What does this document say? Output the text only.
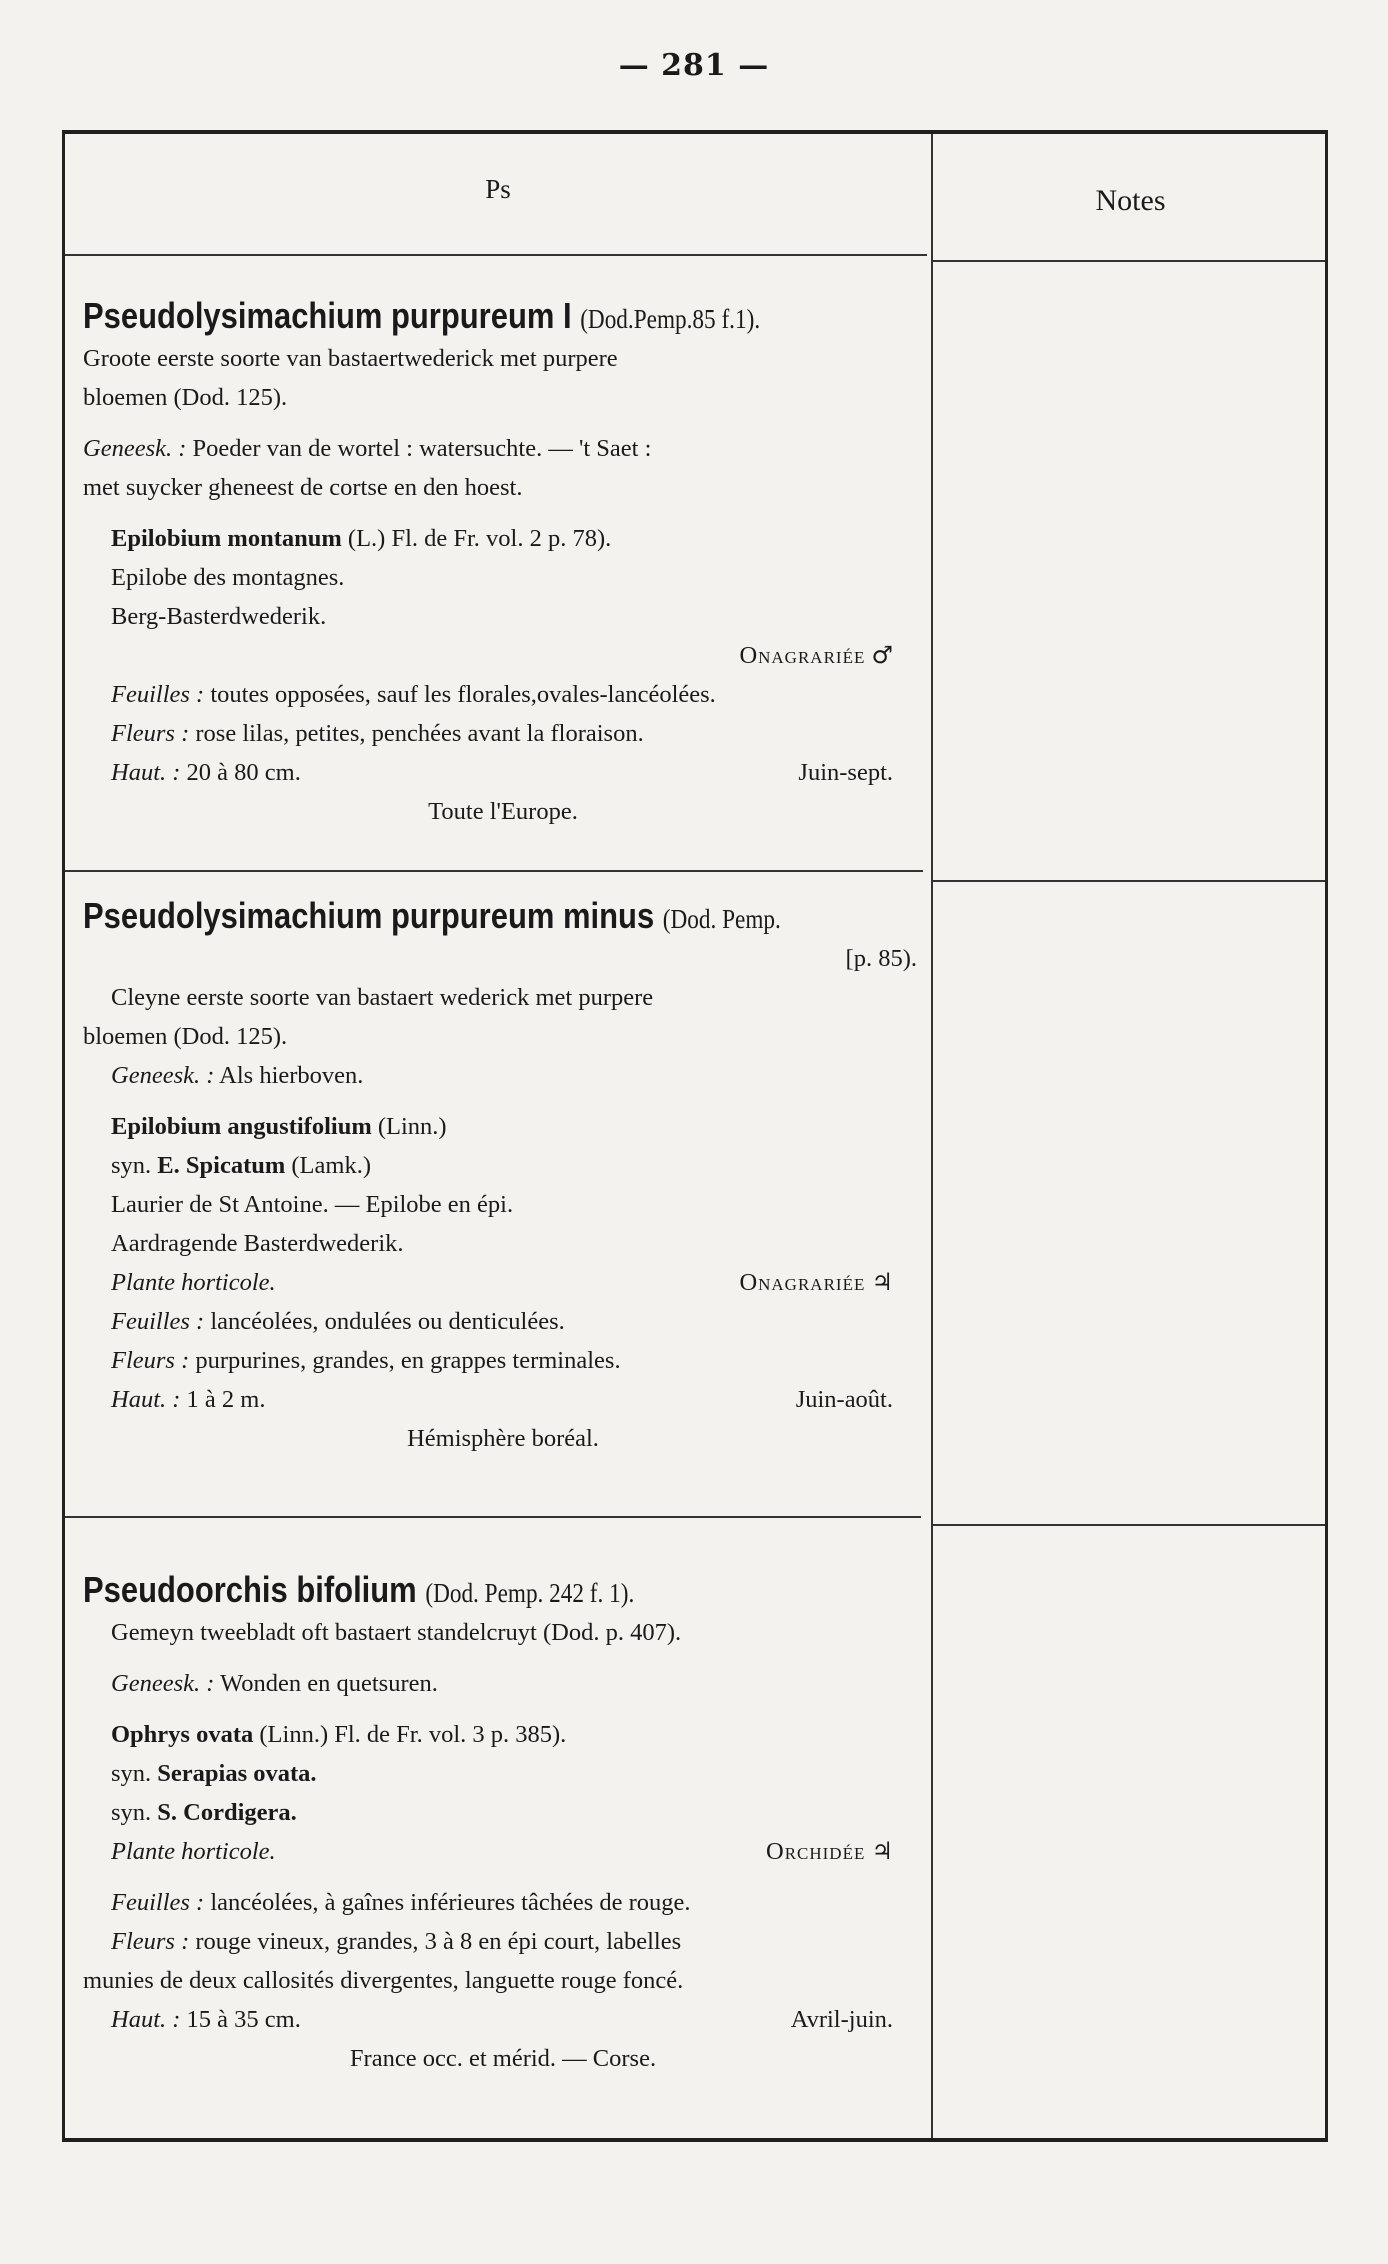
— 281 —
Ps	Notes
Pseudolysimachium purpureum I (Dod.Pemp.85 f.1).
Groote eerste soorte van bastaertwederick met purpere
bloemen (Dod. 125).
Geneesk. : Poeder van de wortel : watersuchte. — 't Saet :
met suycker gheneest de cortse en den hoest.
Epilobium montanum (L.) Fl. de Fr. vol. 2 p. 78).
Epilobe des montagnes.
Berg-Basterdwederik.
Onagrariée ♂
Feuilles : toutes opposées, sauf les florales,ovales-lancéolées.
Fleurs : rose lilas, petites, penchées avant la floraison.
Haut. : 20 à 80 cm.	Juin-sept.
Toute l'Europe.
Pseudolysimachium purpureum minus (Dod. Pemp.
[p. 85).
Cleyne eerste soorte van bastaert wederick met purpere
bloemen (Dod. 125).
Geneesk. : Als hierboven.
Epilobium angustifolium (Linn.)
syn. E. Spicatum (Lamk.)
Laurier de St Antoine. — Epilobe en épi.
Aardragende Basterdwederik.
Plante horticole.	Onagrariée ♃
Feuilles : lancéolées, ondulées ou denticulées.
Fleurs : purpurines, grandes, en grappes terminales.
Haut. : 1 à 2 m.	Juin-août.
Hémisphère boréal.
Pseudoorchis bifolium (Dod. Pemp. 242 f. 1).
Gemeyn tweebladt oft bastaert standelcruyt (Dod. p. 407).
Geneesk. : Wonden en quetsuren.
Ophrys ovata (Linn.) Fl. de Fr. vol. 3 p. 385).
syn. Serapias ovata.
syn. S. Cordigera.
Plante horticole.	Orchidée ♃
Feuilles : lancéolées, à gaînes inférieures tâchées de rouge.
Fleurs : rouge vineux, grandes, 3 à 8 en épi court, labelles
munies de deux callosités divergentes, languette rouge foncé.
Haut. : 15 à 35 cm.	Avril-juin.
France occ. et mérid. — Corse.
